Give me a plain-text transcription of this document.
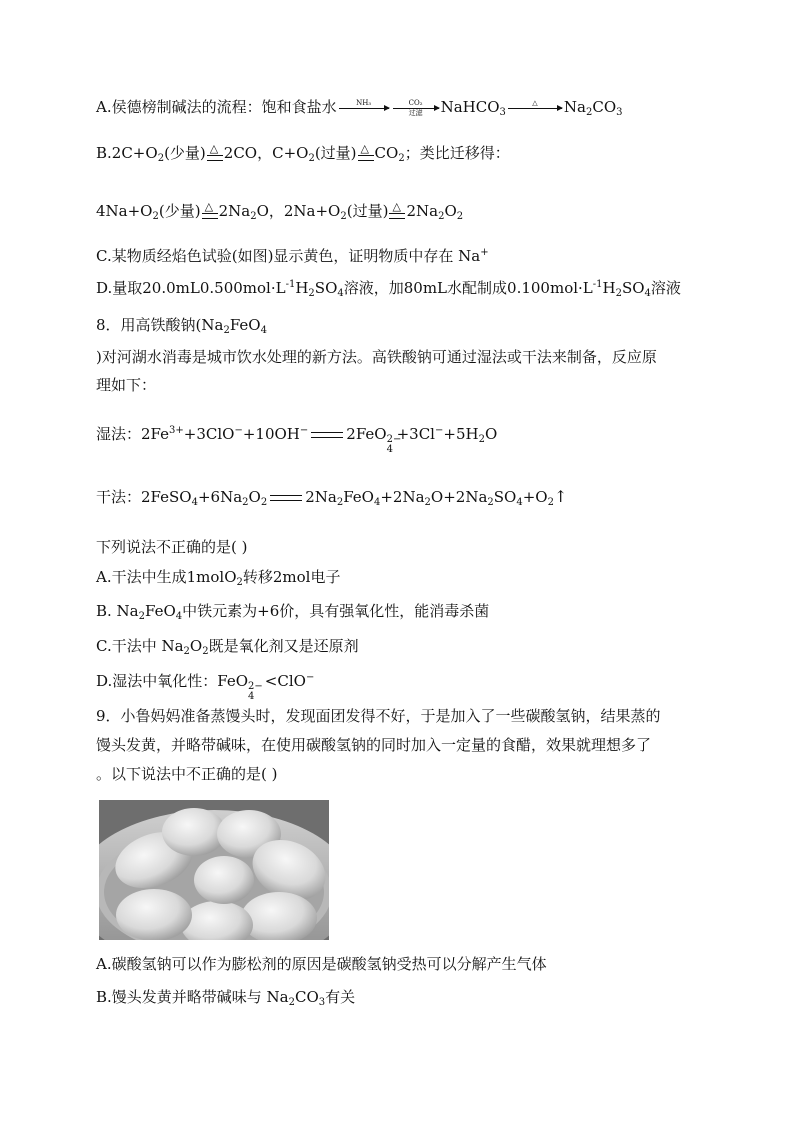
A.侯德榜制碱法的流程：饱和食盐水	NH₃	CO₂
过滤	NaHCO$_3$
△	$Na_2CO_3$
$B.2C+O_2$(少量) △ 2CO，$C+O_2$(过量) △ $CO_2$；类比迁移得：
$4Na+O_2$(少量) △ $2Na_2O$，$2Na+O_2$(过量) △ $2Na_2O_2$
C.某物质经焰色试验(如图)显示黄色，证明物质中存在 Na+
D.量取$20.0mL0.500mol\cdot L^{-1}H_2SO_4$溶液，加80mL水配制成$0.100mol\cdot L^{-1}H_2SO_4$溶液
8．用高铁酸钠($Na_2FeO_4$
)对河湖水消毒是城市饮水处理的新方法。高铁酸钠可通过湿法或干法来制备，反应原
理如下：
湿法：$2Fe^{3+}+3ClO^-+10OH^-$	2FeO 2−
4
$+3Cl^-+5H_2O$
干法：$2FeSO_4+6Na_2O_2$	$2Na_2FeO_4+2Na_2O+2Na_2SO_4+O_2↑$
下列说法不正确的是( )
A.干法中生成1molO$_2$转移2mol电子
B. $Na_2FeO_4$中铁元素为+6价，具有强氧化性，能消毒杀菌
C.干法中 $Na_2O_2$既是氧化剂又是还原剂
D.湿法中氧化性：FeO 2−
4
<ClO−
9．小鲁妈妈准备蒸馒头时，发现面团发得不好，于是加入了一些碳酸氢钠，结果蒸的
馒头发黄，并略带碱味，在使用碳酸氢钠的同时加入一定量的食醋，效果就理想多了
。以下说法中不正确的是( )
A.碳酸氢钠可以作为膨松剂的原因是碳酸氢钠受热可以分解产生气体
B.馒头发黄并略带碱味与 $Na_2CO_3$有关
